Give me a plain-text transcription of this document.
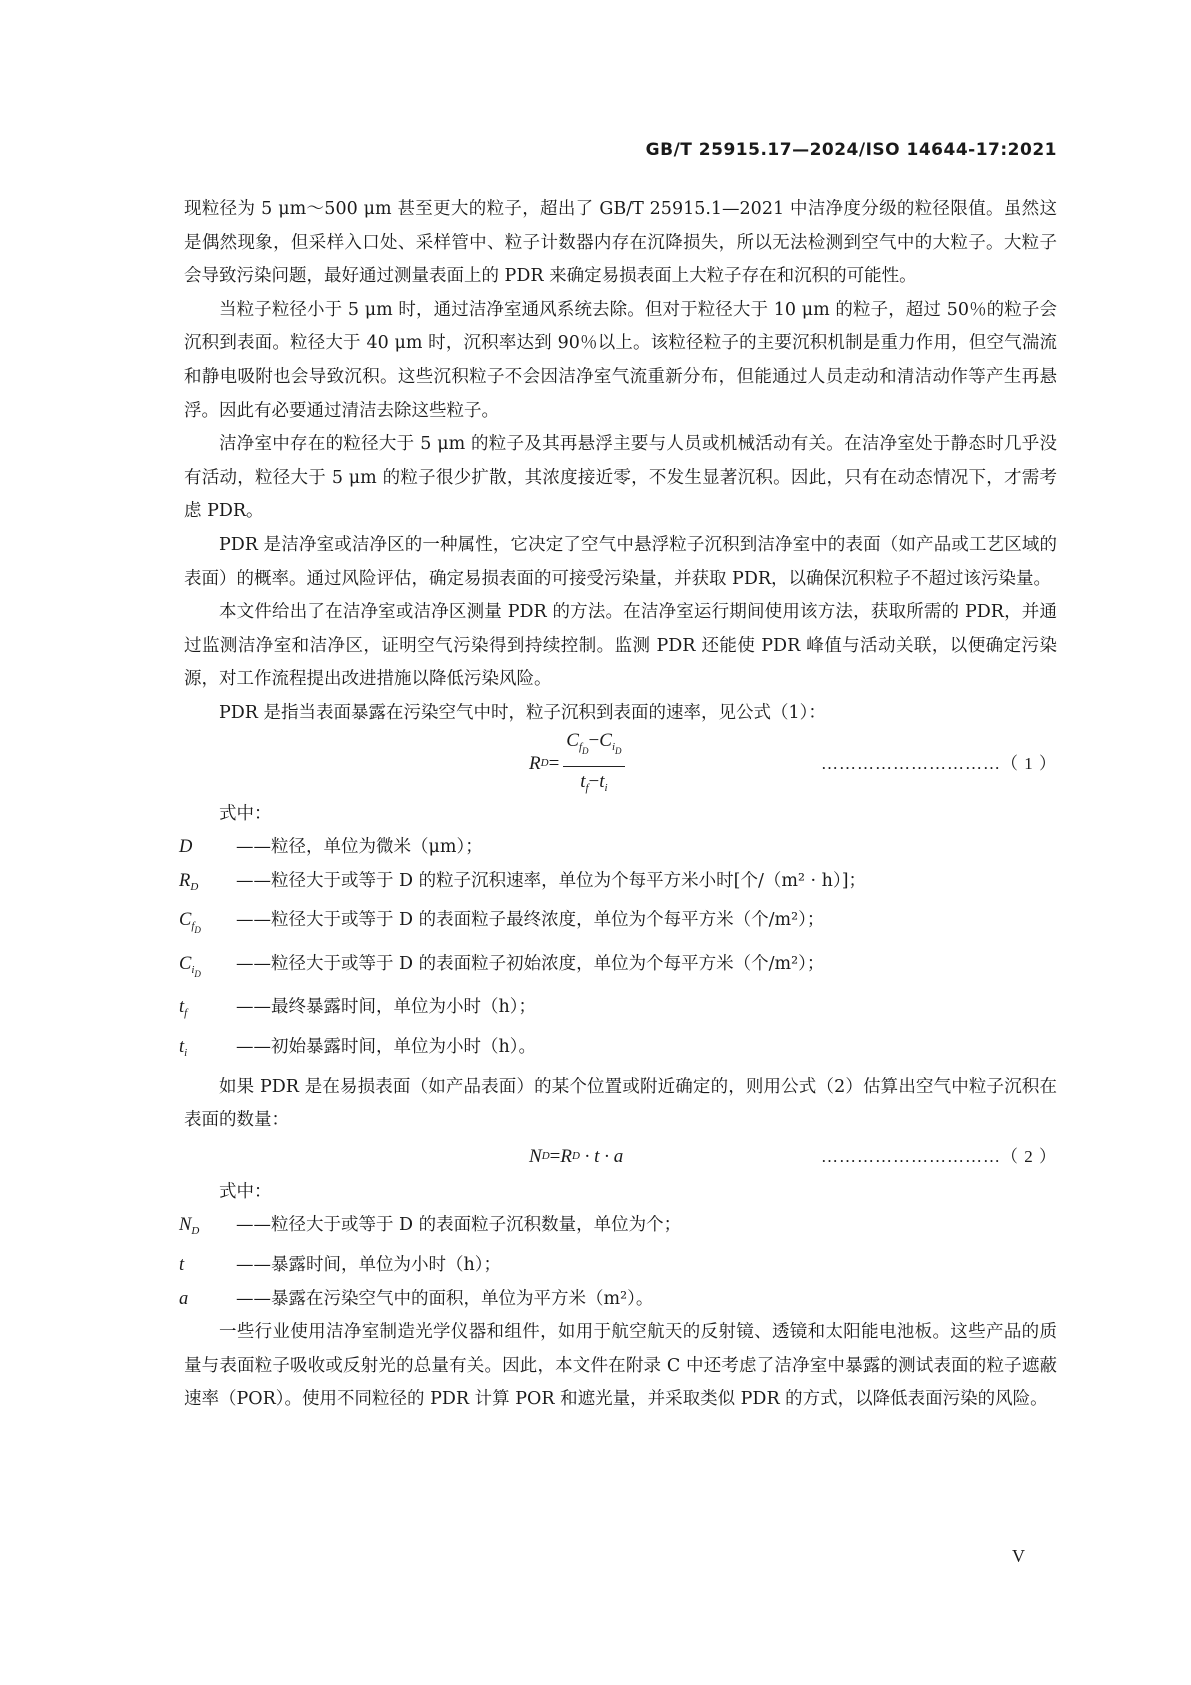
GB/T 25915.17—2024/ISO 14644-17:2021

现粒径为 5 μm～500 μm 甚至更大的粒子，超出了 GB/T 25915.1—2021 中洁净度分级的粒径限值。虽然这是偶然现象，但采样入口处、采样管中、粒子计数器内存在沉降损失，所以无法检测到空气中的大粒子。大粒子会导致污染问题，最好通过测量表面上的 PDR 来确定易损表面上大粒子存在和沉积的可能性。

当粒子粒径小于 5 μm 时，通过洁净室通风系统去除。但对于粒径大于 10 μm 的粒子，超过 50％的粒子会沉积到表面。粒径大于 40 μm 时，沉积率达到 90％以上。该粒径粒子的主要沉积机制是重力作用，但空气湍流和静电吸附也会导致沉积。这些沉积粒子不会因洁净室气流重新分布，但能通过人员走动和清洁动作等产生再悬浮。因此有必要通过清洁去除这些粒子。

洁净室中存在的粒径大于 5 μm 的粒子及其再悬浮主要与人员或机械活动有关。在洁净室处于静态时几乎没有活动，粒径大于 5 μm 的粒子很少扩散，其浓度接近零，不发生显著沉积。因此，只有在动态情况下，才需考虑 PDR。

PDR 是洁净室或洁净区的一种属性，它决定了空气中悬浮粒子沉积到洁净室中的表面（如产品或工艺区域的表面）的概率。通过风险评估，确定易损表面的可接受污染量，并获取 PDR，以确保沉积粒子不超过该污染量。

本文件给出了在洁净室或洁净区测量 PDR 的方法。在洁净室运行期间使用该方法，获取所需的 PDR，并通过监测洁净室和洁净区，证明空气污染得到持续控制。监测 PDR 还能使 PDR 峰值与活动关联，以便确定污染源，对工作流程提出改进措施以降低污染风险。

PDR 是指当表面暴露在污染空气中时，粒子沉积到表面的速率，见公式（1）：

R $D = \frac{C_{f_D}-C_{i_D}}{t_f-t_i}$	…………………………（ 1 ）

式中：

D	——粒径，单位为微米（μm）；
$R_D$	——粒径大于或等于 D 的粒子沉积速率，单位为个每平方米小时[个/（m² · h）]；
$C_{f_D}$	——粒径大于或等于 D 的表面粒子最终浓度，单位为个每平方米（个/m²）；
$C_{i_D}$	——粒径大于或等于 D 的表面粒子初始浓度，单位为个每平方米（个/m²）；
$t_f$	——最终暴露时间，单位为小时（h）；
$t_i$	——初始暴露时间，单位为小时（h）。

如果 PDR 是在易损表面（如产品表面）的某个位置或附近确定的，则用公式（2）估算出空气中粒子沉积在表面的数量：

N D = R D · t · a	…………………………（ 2 ）

式中：

$N_D$	——粒径大于或等于 D 的表面粒子沉积数量，单位为个；
t	——暴露时间，单位为小时（h）；
a	——暴露在污染空气中的面积，单位为平方米（m²）。

一些行业使用洁净室制造光学仪器和组件，如用于航空航天的反射镜、透镜和太阳能电池板。这些产品的质量与表面粒子吸收或反射光的总量有关。因此，本文件在附录 C 中还考虑了洁净室中暴露的测试表面的粒子遮蔽速率（POR）。使用不同粒径的 PDR 计算 POR 和遮光量，并采取类似 PDR 的方式，以降低表面污染的风险。

V
